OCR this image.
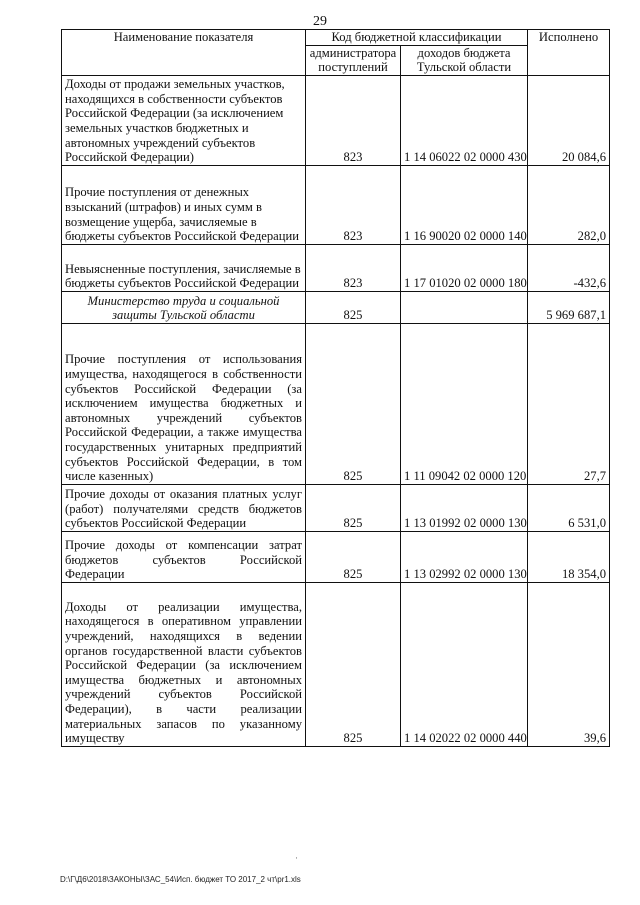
29
Наименование показателя	Код бюджетной классификации		Исполнено
	администратора поступлений	доходов бюджета Тульской области	
Доходы от продажи земельных участков, находящихся в собственности субъектов Российской Федерации (за исключением земельных участков бюджетных и автономных учреждений субъектов Российской Федерации)	823	1 14 06022 02 0000 430	20 084,6
Прочие поступления от денежных взысканий (штрафов) и иных сумм в возмещение ущерба, зачисляемые в бюджеты субъектов Российской Федерации	823	1 16 90020 02 0000 140	282,0
Невыясненные поступления, зачисляемые в бюджеты субъектов Российской Федерации	823	1 17 01020 02 0000 180	-432,6
Министерство труда и социальной защиты Тульской области	825		5 969 687,1
Прочие поступления от использования имущества, находящегося в собственности субъектов Российской Федерации (за исключением имущества бюджетных и автономных учреждений субъектов Российской Федерации, а также имущества государственных унитарных предприятий субъектов Российской Федерации, в том числе казенных)	825	1 11 09042 02 0000 120	27,7
Прочие доходы от оказания платных услуг (работ) получателями средств бюджетов субъектов Российской Федерации	825	1 13 01992 02 0000 130	6 531,0
Прочие доходы от компенсации затрат бюджетов субъектов Российской Федерации	825	1 13 02992 02 0000 130	18 354,0
Доходы от реализации имущества, находящегося в оперативном управлении учреждений, находящихся в ведении органов государственной власти субъектов Российской Федерации (за исключением имущества бюджетных и автономных учреждений субъектов Российской Федерации), в части реализации материальных запасов по указанному имуществу	825	1 14 02022 02 0000 440	39,6
·
D:\Г\Д6\2018\ЗАКОНЫ\ЗАС_54\Исп. бюджет ТО 2017_2 чт\pr1.xls
